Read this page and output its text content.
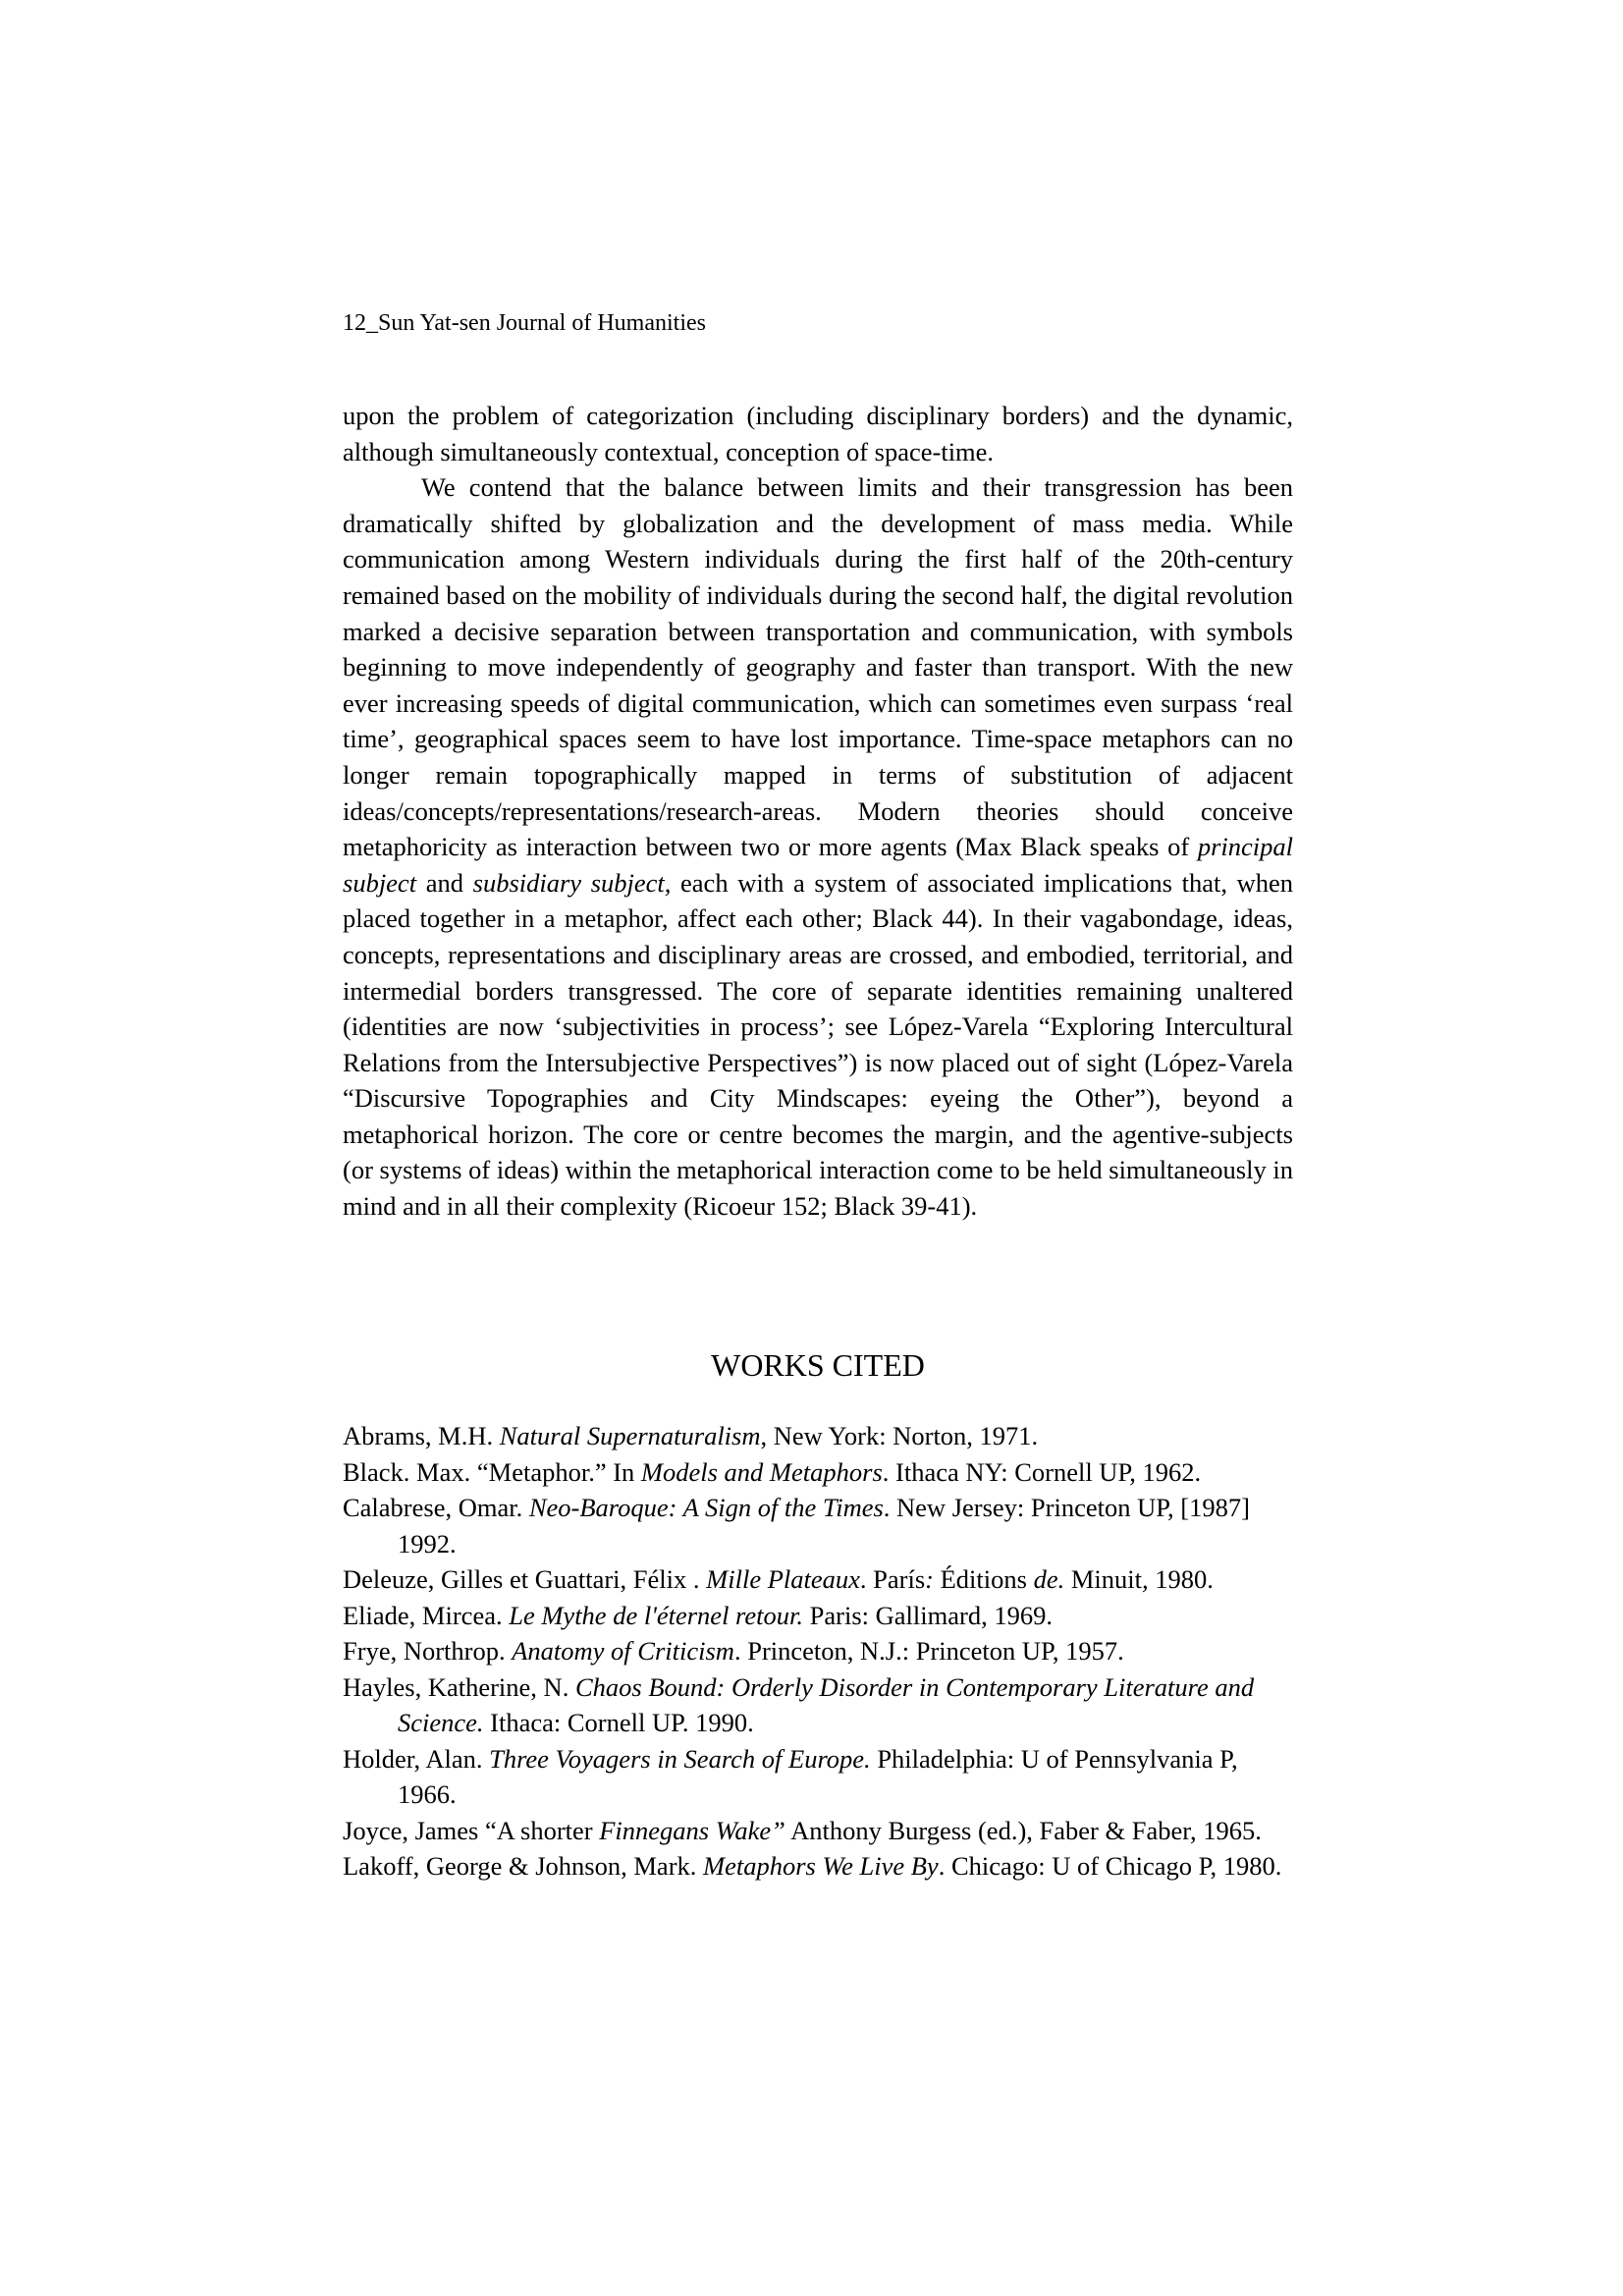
12_Sun Yat-sen Journal of Humanities

upon the problem of categorization (including disciplinary borders) and the dynamic, although simultaneously contextual, conception of space-time.

We contend that the balance between limits and their transgression has been dramatically shifted by globalization and the development of mass media. While communication among Western individuals during the first half of the 20th-century remained based on the mobility of individuals during the second half, the digital revolution marked a decisive separation between transportation and communication, with symbols beginning to move independently of geography and faster than transport. With the new ever increasing speeds of digital communication, which can sometimes even surpass ‘real time’, geographical spaces seem to have lost importance. Time-space metaphors can no longer remain topographically mapped in terms of substitution of adjacent ideas/concepts/representations/research-areas. Modern theories should conceive metaphoricity as interaction between two or more agents (Max Black speaks of principal subject and subsidiary subject, each with a system of associated implications that, when placed together in a metaphor, affect each other; Black 44). In their vagabondage, ideas, concepts, representations and disciplinary areas are crossed, and embodied, territorial, and intermedial borders transgressed. The core of separate identities remaining unaltered (identities are now ‘subjectivities in process’; see López-Varela “Exploring Intercultural Relations from the Intersubjective Perspectives”) is now placed out of sight (López-Varela “Discursive Topographies and City Mindscapes: eyeing the Other”), beyond a metaphorical horizon. The core or centre becomes the margin, and the agentive-subjects (or systems of ideas) within the metaphorical interaction come to be held simultaneously in mind and in all their complexity (Ricoeur 152; Black 39-41).

WORKS CITED
Abrams, M.H. Natural Supernaturalism, New York: Norton, 1971.
Black. Max. “Metaphor.” In Models and Metaphors. Ithaca NY: Cornell UP, 1962.
Calabrese, Omar. Neo-Baroque: A Sign of the Times. New Jersey: Princeton UP, [1987] 1992.
Deleuze, Gilles et Guattari, Félix . Mille Plateaux. París: Éditions de. Minuit, 1980.
Eliade, Mircea. Le Mythe de l'éternel retour. Paris: Gallimard, 1969.
Frye, Northrop. Anatomy of Criticism. Princeton, N.J.: Princeton UP, 1957.
Hayles, Katherine, N. Chaos Bound: Orderly Disorder in Contemporary Literature and Science. Ithaca: Cornell UP. 1990.
Holder, Alan. Three Voyagers in Search of Europe. Philadelphia: U of Pennsylvania P, 1966.
Joyce, James “A shorter Finnegans Wake” Anthony Burgess (ed.), Faber & Faber, 1965.
Lakoff, George & Johnson, Mark. Metaphors We Live By. Chicago: U of Chicago P, 1980.
